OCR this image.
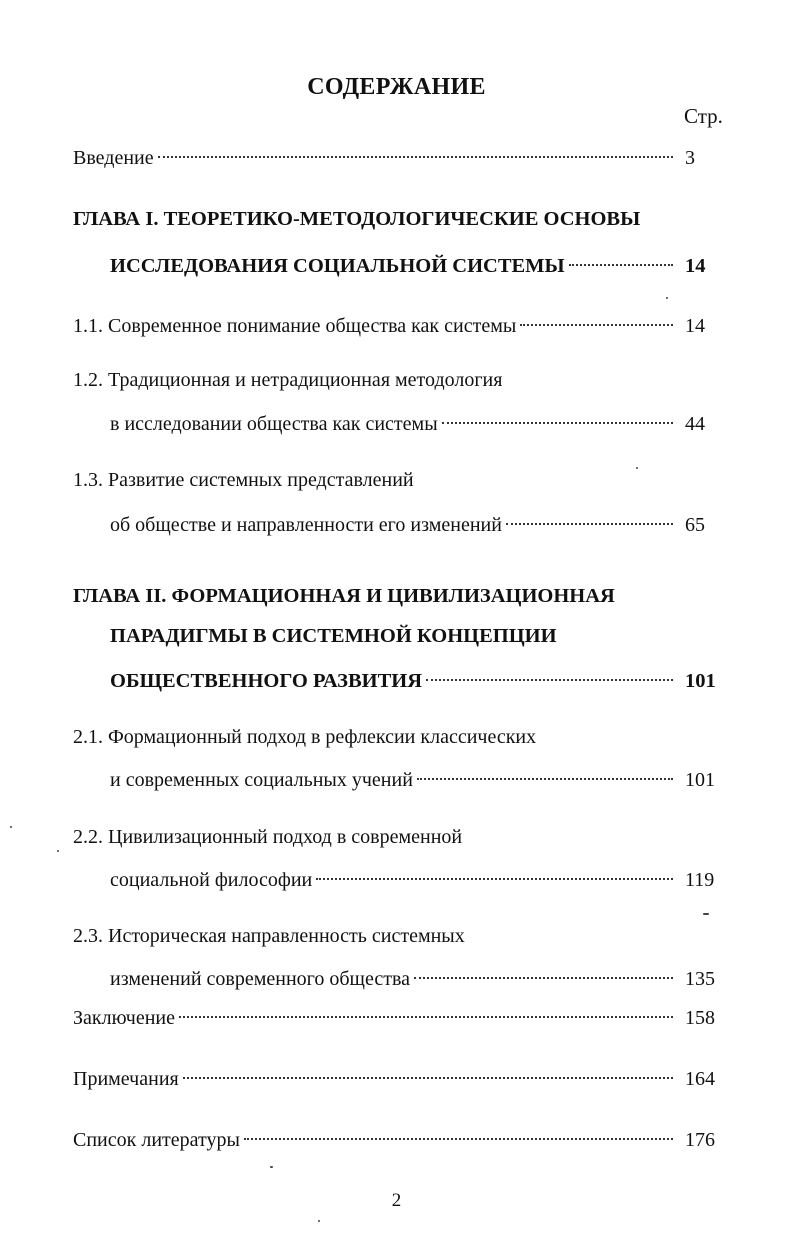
СОДЕРЖАНИЕ
Стр.
Введение	3
ГЛАВА I. ТЕОРЕТИКО-МЕТОДОЛОГИЧЕСКИЕ ОСНОВЫ
ИССЛЕДОВАНИЯ СОЦИАЛЬНОЙ СИСТЕМЫ	14
1.1. Современное понимание общества как системы	14
1.2. Традиционная и нетрадиционная методология
в исследовании общества как системы	44
1.3. Развитие системных представлений
об обществе и направленности его изменений	65
ГЛАВА II. ФОРМАЦИОННАЯ И ЦИВИЛИЗАЦИОННАЯ
ПАРАДИГМЫ В СИСТЕМНОЙ КОНЦЕПЦИИ
ОБЩЕСТВЕННОГО РАЗВИТИЯ	101
2.1. Формационный подход в рефлексии классических
и современных социальных учений	101
2.2. Цивилизационный подход в современной
социальной философии	119
2.3. Историческая направленность системных
изменений современного общества	135
Заключение	158
Примечания	164
Список литературы	176
2
